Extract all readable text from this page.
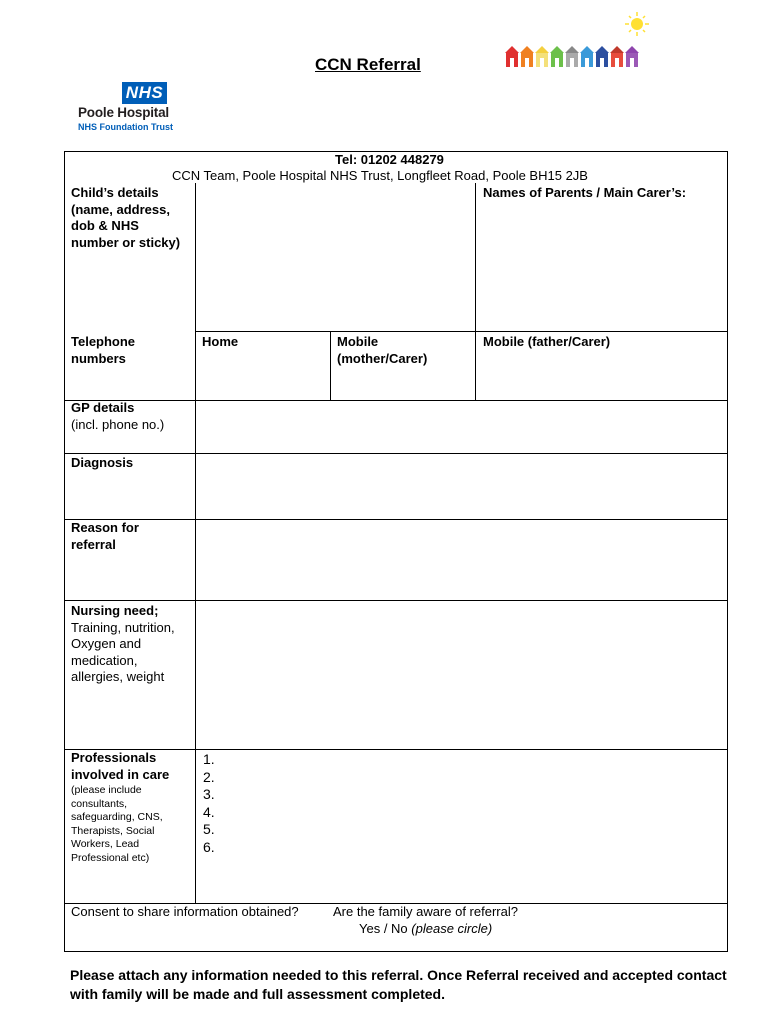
CCN Referral
NHS
Poole Hospital
NHS Foundation Trust
Tel: 01202 448279
CCN Team, Poole Hospital NHS Trust, Longfleet Road, Poole BH15 2JB
Child’s details
(name, address,
dob & NHS
number or sticky)
Names of Parents / Main Carer’s:
Telephone
numbers
Home	Mobile
(mother/Carer)
Mobile (father/Carer)
GP details
(incl. phone no.)
Diagnosis
Reason for
referral
Nursing need;
Training, nutrition,
Oxygen and
medication,
allergies, weight
Professionals
involved in care
(please include
consultants,
safeguarding, CNS,
Therapists, Social
Workers, Lead
Professional etc)
1.
2.
3.
4.
5.
6.
Consent to share information obtained?	Are the family aware of referral?
Yes / No (please circle)
Please attach any information needed to this referral. Once Referral received and accepted contact with family will be made and full assessment completed.
